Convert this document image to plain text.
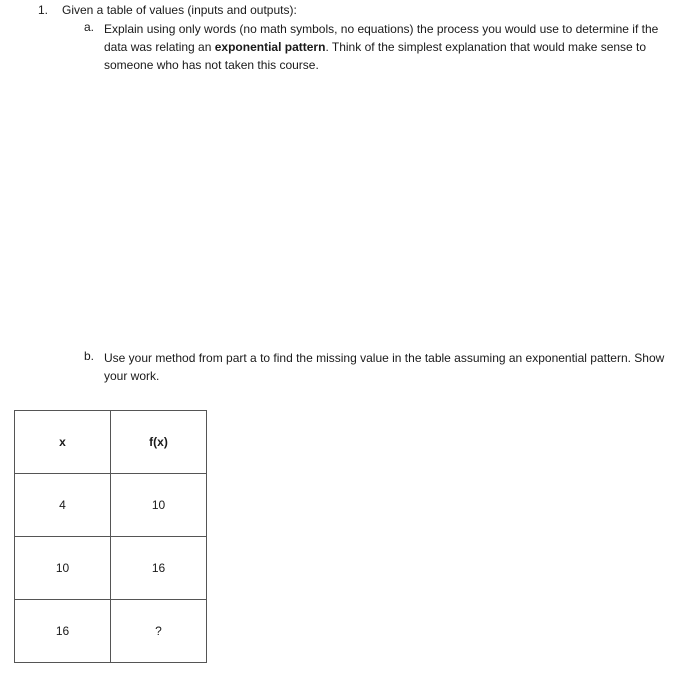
1. Given a table of values (inputs and outputs):
a. Explain using only words (no math symbols, no equations) the process you would use to determine if the data was relating an exponential pattern. Think of the simplest explanation that would make sense to someone who has not taken this course.
b. Use your method from part a to find the missing value in the table assuming an exponential pattern. Show your work.
x	f(x)
4	10
10	16
16	?
